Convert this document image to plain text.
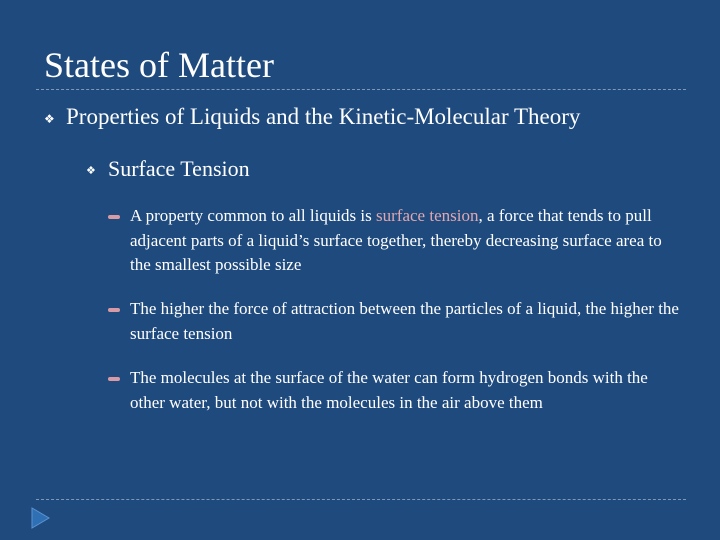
States of Matter
❖ Properties of Liquids and the Kinetic-Molecular Theory
❖ Surface Tension
A property common to all liquids is surface tension, a force that tends to pull adjacent parts of a liquid’s surface together, thereby decreasing surface area to the smallest possible size
The higher the force of attraction between the particles of a liquid, the higher the surface tension
The molecules at the surface of the water can form hydrogen bonds with the other water, but not with the molecules in the air above them
